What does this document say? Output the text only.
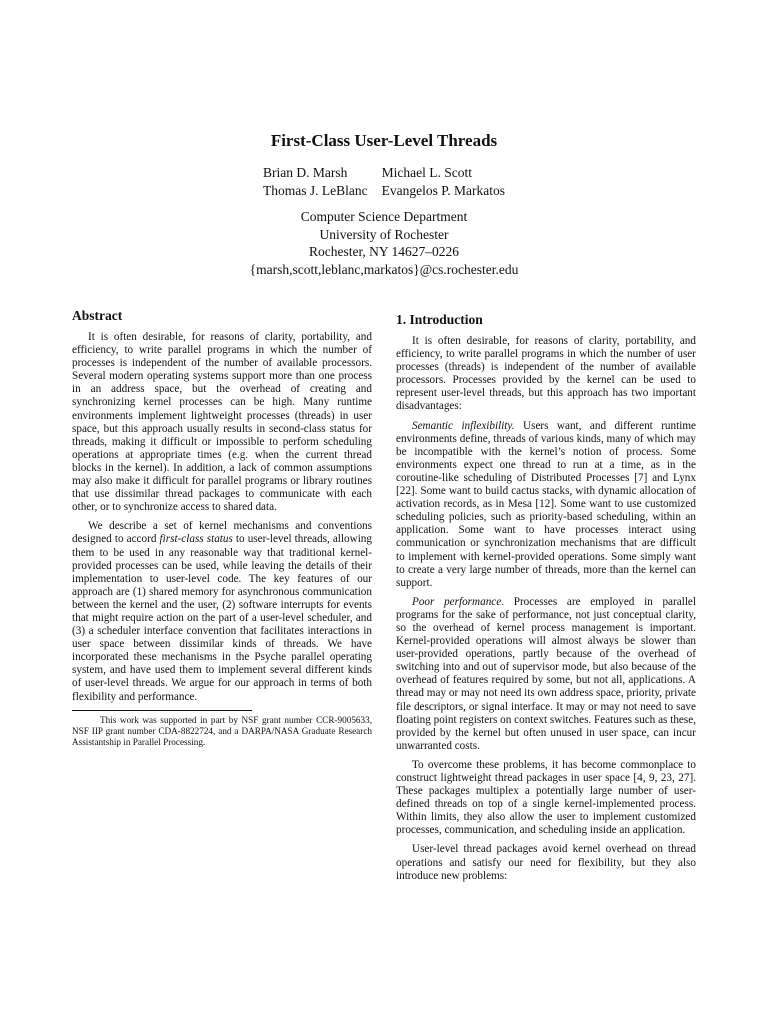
First-Class User-Level Threads
Brian D. Marsh
Thomas J. LeBlanc
Michael L. Scott
Evangelos P. Markatos
Computer Science Department
University of Rochester
Rochester, NY 14627–0226
{marsh,scott,leblanc,markatos}@cs.rochester.edu
Abstract

It is often desirable, for reasons of clarity, portability, and efficiency, to write parallel programs in which the number of processes is independent of the number of available processors. Several modern operating systems support more than one process in an address space, but the overhead of creating and synchronizing kernel processes can be high. Many runtime environments implement lightweight processes (threads) in user space, but this approach usually results in second-class status for threads, making it difficult or impossible to perform scheduling operations at appropriate times (e.g. when the current thread blocks in the kernel). In addition, a lack of common assumptions may also make it difficult for parallel programs or library routines that use dissimilar thread packages to communicate with each other, or to synchronize access to shared data.

We describe a set of kernel mechanisms and conventions designed to accord first-class status to user-level threads, allowing them to be used in any reasonable way that traditional kernel-provided processes can be used, while leaving the details of their implementation to user-level code. The key features of our approach are (1) shared memory for asynchronous communication between the kernel and the user, (2) software interrupts for events that might require action on the part of a user-level scheduler, and (3) a scheduler interface convention that facilitates interactions in user space between dissimilar kinds of threads. We have incorporated these mechanisms in the Psyche parallel operating system, and have used them to implement several different kinds of user-level threads. We argue for our approach in terms of both flexibility and performance.

This work was supported in part by NSF grant number CCR-9005633, NSF IIP grant number CDA-8822724, and a DARPA/NASA Graduate Research Assistantship in Parallel Processing.

1. Introduction

It is often desirable, for reasons of clarity, portability, and efficiency, to write parallel programs in which the number of user processes (threads) is independent of the number of available processors. Processes provided by the kernel can be used to represent user-level threads, but this approach has two important disadvantages:

Semantic inflexibility. Users want, and different runtime environments define, threads of various kinds, many of which may be incompatible with the kernel’s notion of process. Some environments expect one thread to run at a time, as in the coroutine-like scheduling of Distributed Processes [7] and Lynx [22]. Some want to build cactus stacks, with dynamic allocation of activation records, as in Mesa [12]. Some want to use customized scheduling policies, such as priority-based scheduling, within an application. Some want to have processes interact using communication or synchronization mechanisms that are difficult to implement with kernel-provided operations. Some simply want to create a very large number of threads, more than the kernel can support.

Poor performance. Processes are employed in parallel programs for the sake of performance, not just conceptual clarity, so the overhead of kernel process management is important. Kernel-provided operations will almost always be slower than user-provided operations, partly because of the overhead of switching into and out of supervisor mode, but also because of the overhead of features required by some, but not all, applications. A thread may or may not need its own address space, priority, private file descriptors, or signal interface. It may or may not need to save floating point registers on context switches. Features such as these, provided by the kernel but often unused in user space, can incur unwarranted costs.

To overcome these problems, it has become commonplace to construct lightweight thread packages in user space [4, 9, 23, 27]. These packages multiplex a potentially large number of user-defined threads on top of a single kernel-implemented process. Within limits, they also allow the user to implement customized processes, communication, and scheduling inside an application.

User-level thread packages avoid kernel overhead on thread operations and satisfy our need for flexibility, but they also introduce new problems:
